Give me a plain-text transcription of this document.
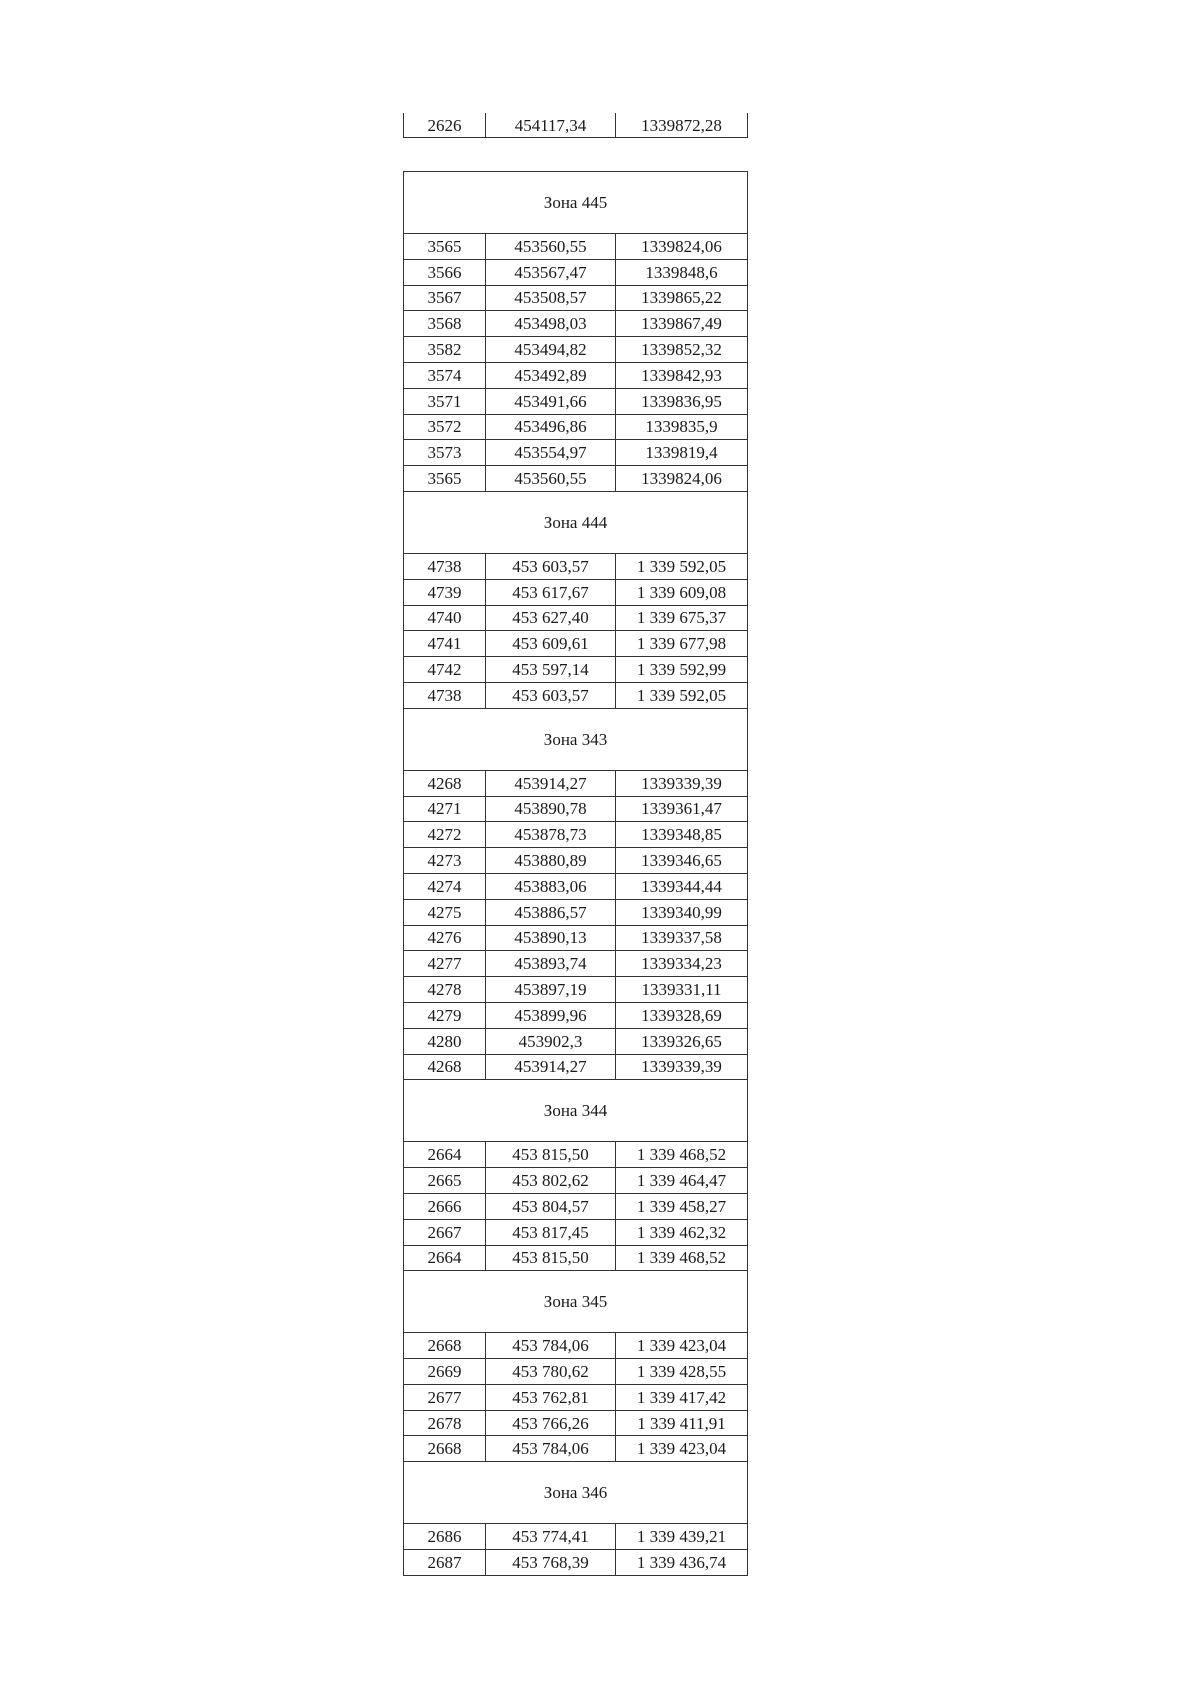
2626	454117,34	1339872,28
Зона 445		
3565	453560,55	1339824,06
3566	453567,47	1339848,6
3567	453508,57	1339865,22
3568	453498,03	1339867,49
3582	453494,82	1339852,32
3574	453492,89	1339842,93
3571	453491,66	1339836,95
3572	453496,86	1339835,9
3573	453554,97	1339819,4
3565	453560,55	1339824,06
Зона 444		
4738	453 603,57	1 339 592,05
4739	453 617,67	1 339 609,08
4740	453 627,40	1 339 675,37
4741	453 609,61	1 339 677,98
4742	453 597,14	1 339 592,99
4738	453 603,57	1 339 592,05
Зона 343		
4268	453914,27	1339339,39
4271	453890,78	1339361,47
4272	453878,73	1339348,85
4273	453880,89	1339346,65
4274	453883,06	1339344,44
4275	453886,57	1339340,99
4276	453890,13	1339337,58
4277	453893,74	1339334,23
4278	453897,19	1339331,11
4279	453899,96	1339328,69
4280	453902,3	1339326,65
4268	453914,27	1339339,39
Зона 344		
2664	453 815,50	1 339 468,52
2665	453 802,62	1 339 464,47
2666	453 804,57	1 339 458,27
2667	453 817,45	1 339 462,32
2664	453 815,50	1 339 468,52
Зона 345		
2668	453 784,06	1 339 423,04
2669	453 780,62	1 339 428,55
2677	453 762,81	1 339 417,42
2678	453 766,26	1 339 411,91
2668	453 784,06	1 339 423,04
Зона 346		
2686	453 774,41	1 339 439,21
2687	453 768,39	1 339 436,74
